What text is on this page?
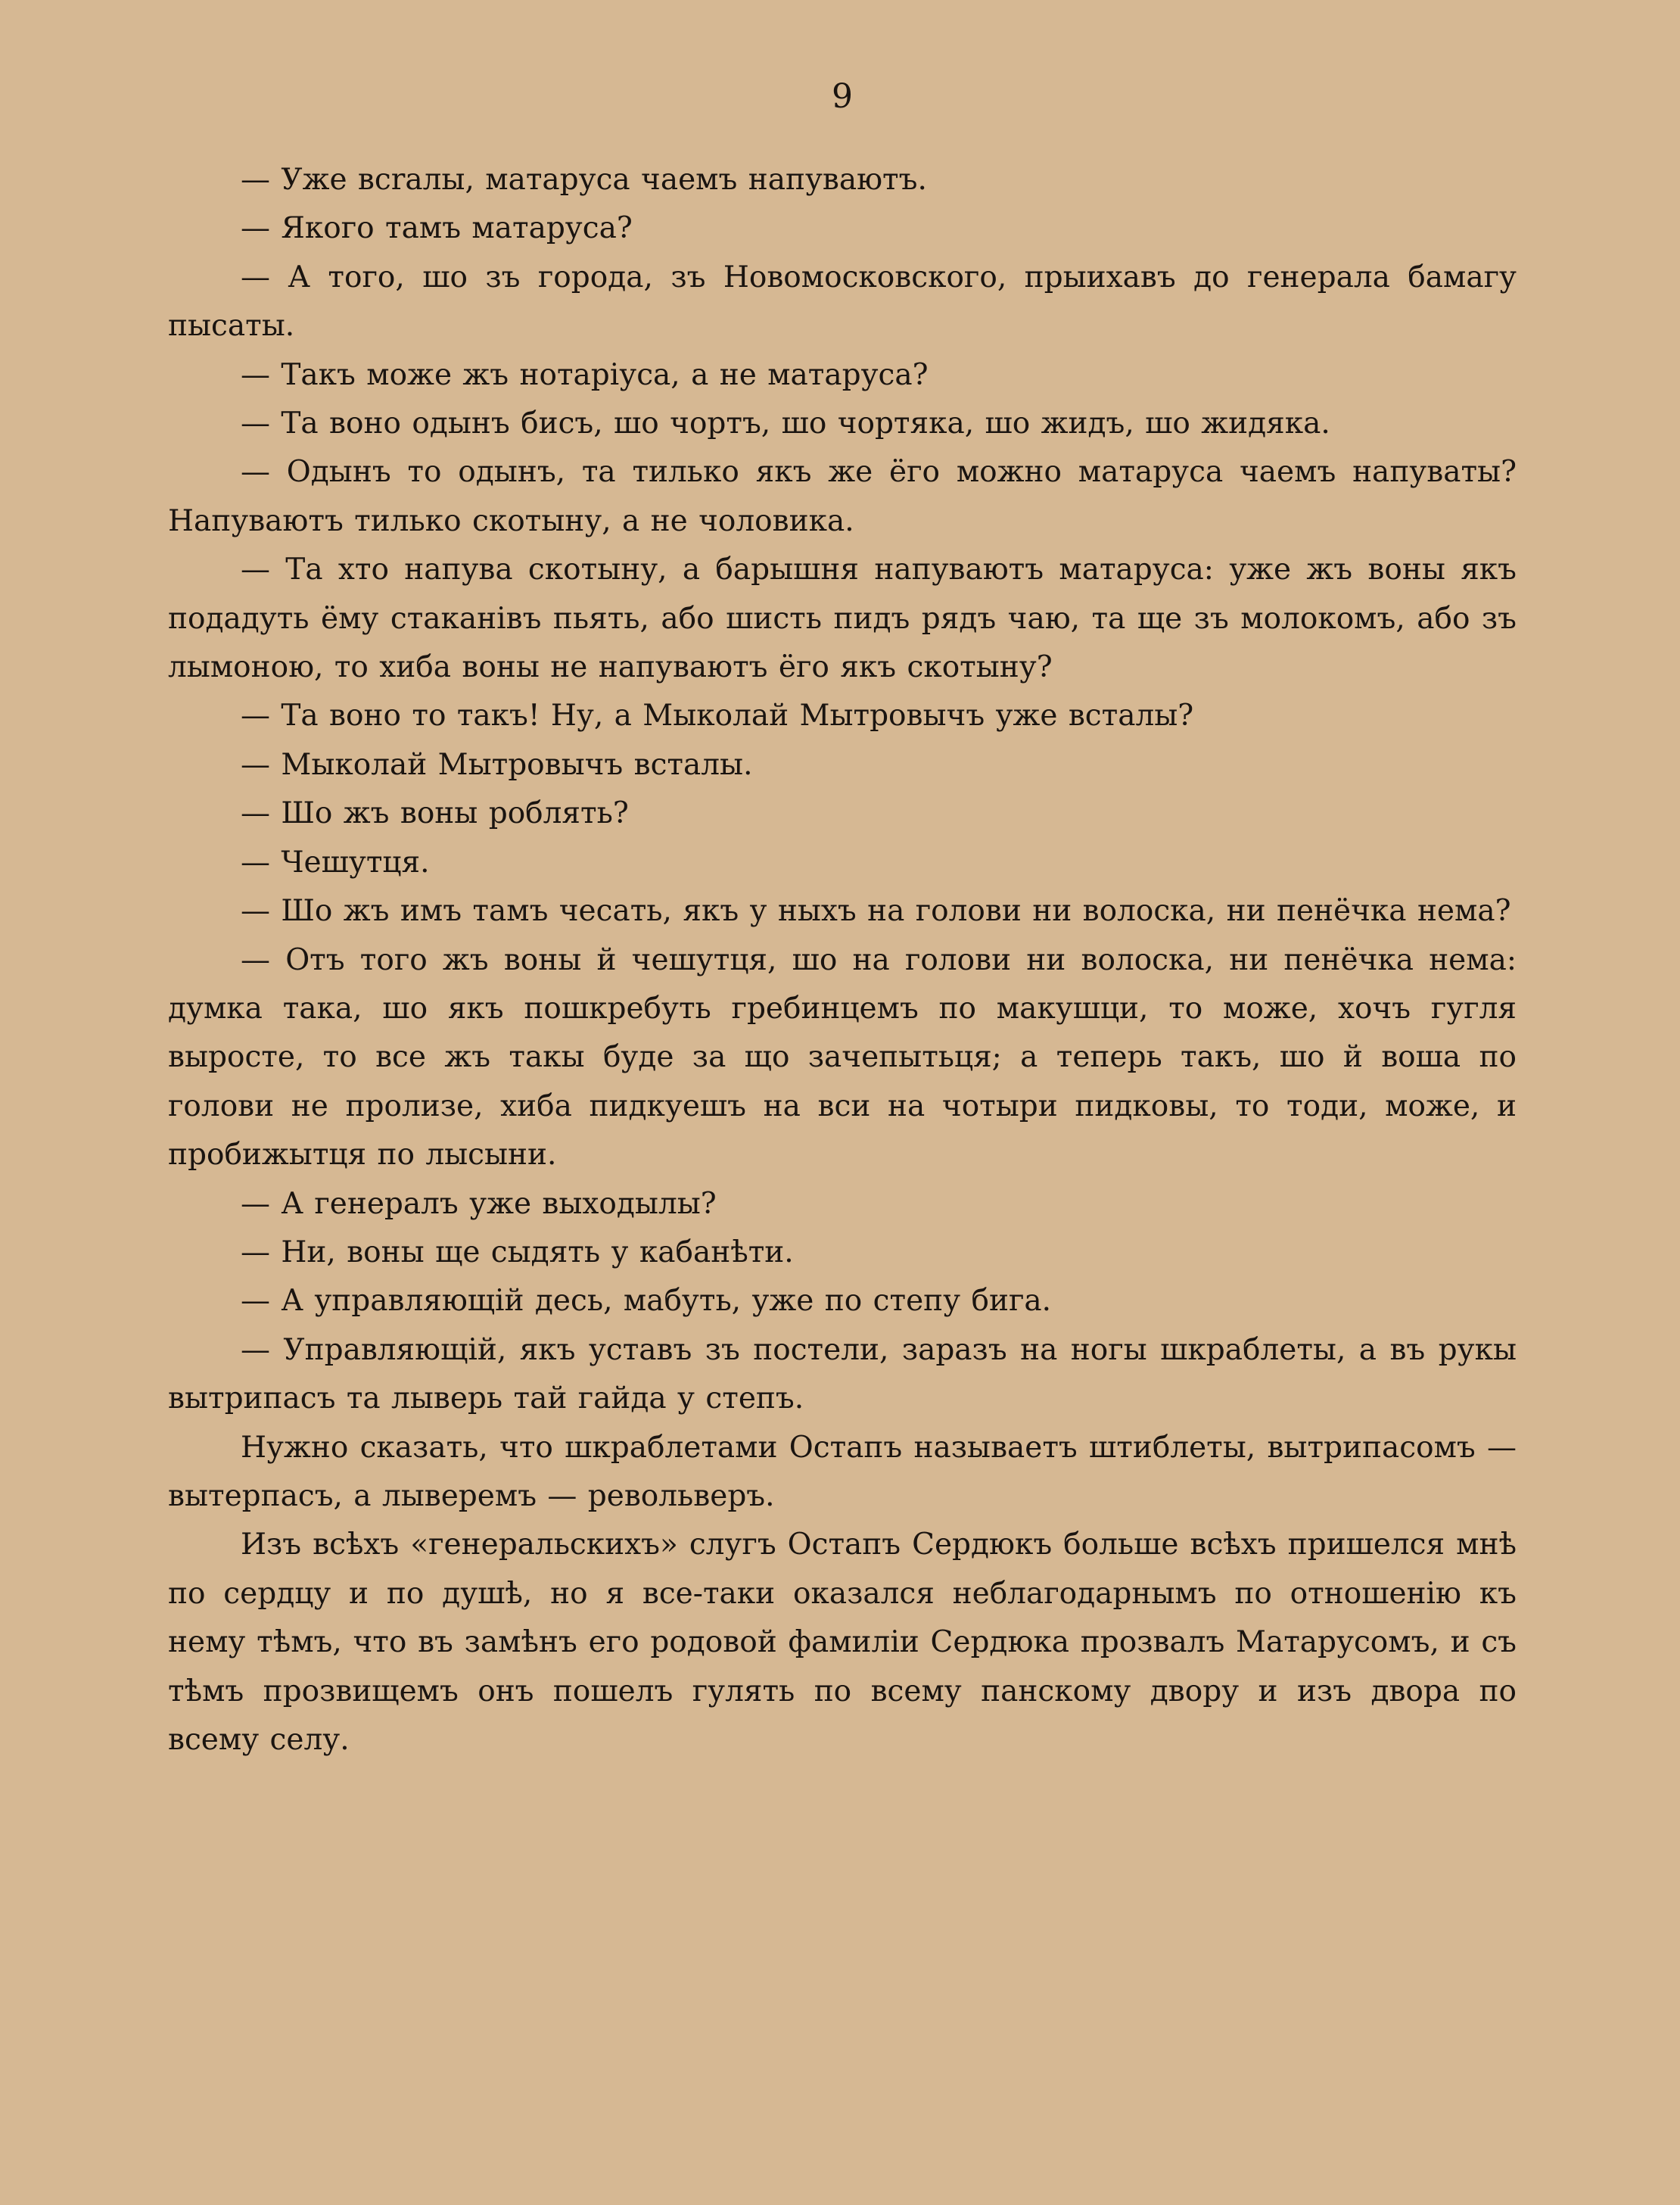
9

— Уже вcraлы, матаруса чаемъ напуваютъ.

— Якого тамъ матаруса?

— А того, шо зъ города, зъ Новомосковского, прыихавъ до генерала бамагу пысаты.

— Такъ може жъ нотаріуса, а не матаруса?

— Та воно одынъ бисъ, шо чортъ, шо чортяка, шо жидъ, шо жидяка.

— Одынъ то одынъ, та тилько якъ же ёго можно матаруса чаемъ напуваты? Напуваютъ тилько скотыну, а не чоловика.

— Та хто напува скотыну, а барышня напуваютъ матаруса: уже жъ воны якъ подадуть ёму стаканівъ пьять, або шисть пидъ рядъ чаю, та ще зъ молокомъ, або зъ лымоною, то хиба воны не напуваютъ ёго якъ скотыну?

— Та воно то такъ! Ну, а Мыколай Мытровычъ уже вcталы?

— Мыколай Мытровычъ вcталы.

— Шо жъ воны роблять?

— Чешутця.

— Шо жъ имъ тамъ чесать, якъ у ныхъ на голови ни волоска, ни пенёчка нема?

— Отъ того жъ воны й чешутця, шо на голови ни волоска, ни пенёчка нема: думка така, шо якъ пошкребуть гребинцемъ по макушци, то може, хочъ гугля выросте, то все жъ такы буде за що зачепытьця; а теперь такъ, шо й вошa по голови не пролизе, хиба пидкуешъ на вси на чотыри пидковы, то тоди, може, и пробижытця по лысыни.

— А генералъ уже выходылы?

— Ни, воны ще сыдять у кабанѣти.

— А управляющій десь, мабуть, уже по степу бига.

— Управляющій, якъ уставъ зъ постели, заразъ на ногы шкраблеты, а въ рукы вытрипасъ та лыверь тай гайда у степъ.

Нужно сказать, что шкраблетами Остапъ называетъ штиблеты, вытрипасомъ — вытерпасъ, а лыверемъ — револьверъ.

Изъ всѣхъ «генеральскихъ» слугъ Остапъ Сердюкъ больше всѣхъ пришелся мнѣ по сердцу и по душѣ, но я все-таки оказался неблагодарнымъ по отношенію къ нему тѣмъ, что въ замѣнъ его родовой фамиліи Сердюка прозвалъ Матарусомъ, и съ тѣмъ прозвищемъ онъ пошелъ гулять по всему панскому двору и изъ двора по всему селу.
